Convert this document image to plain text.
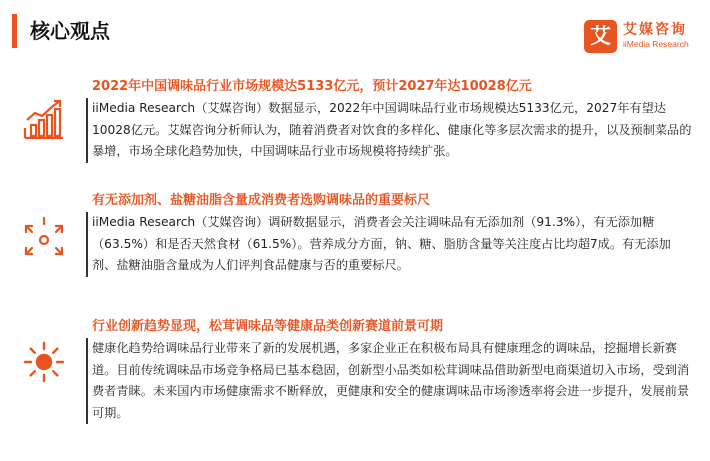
核心观点	艾 艾媒咨询
iiMedia Research
2022年中国调味品行业市场规模达5133亿元，预计2027年达10028亿元
iiMedia Research（艾媒咨询）数据显示，2022年中国调味品行业市场规模达5133亿元，2027年有望达10028亿元。艾媒咨询分析师认为，随着消费者对饮食的多样化、健康化等多层次需求的提升，以及预制菜品的暴增，市场全球化趋势加快，中国调味品行业市场规模将持续扩张。
有无添加剂、盐糖油脂含量成消费者选购调味品的重要标尺
iiMedia Research（艾媒咨询）调研数据显示，消费者会关注调味品有无添加剂（91.3%），有无添加糖（63.5%）和是否天然食材（61.5%）。营养成分方面，钠、糖、脂肪含量等关注度占比均超7成。有无添加剂、盐糖油脂含量成为人们评判食品健康与否的重要标尺。
行业创新趋势显现，松茸调味品等健康品类创新赛道前景可期
健康化趋势给调味品行业带来了新的发展机遇，多家企业正在积极布局具有健康理念的调味品，挖掘增长新赛道。目前传统调味品市场竞争格局已基本稳固，创新型小品类如松茸调味品借助新型电商渠道切入市场，受到消费者青睐。未来国内市场健康需求不断释放，更健康和安全的健康调味品市场渗透率将会进一步提升，发展前景可期。
